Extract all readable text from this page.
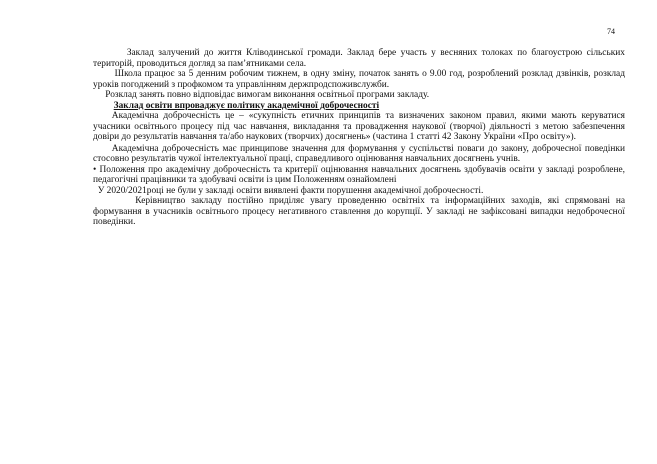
74

Заклад залучений до життя Кліводинської громади. Заклад бере участь у весняних толоках по благоустрою сільських територій, проводиться догляд за пам’ятниками села.

Школа працює за 5 денним робочим тижнем, в одну зміну, початок занять о 9.00 год, розроблений розклад дзвінків, розклад уроків погоджений з профкомом та управлінням держпродспоживслужби.

Розклад занять повно відповідає вимогам виконання освітньої програми закладу.

Заклад освіти впроваджує політику академічної доброчесності

Академічна доброчесність це – «сукупність етичних принципів та визначених законом правил, якими мають керуватися учасники освітнього процесу під час навчання, викладання та провадження наукової (творчої) діяльності з метою забезпечення довіри до результатів навчання та/або наукових (творчих) досягнень» (частина 1 статті 42 Закону України «Про освіту»).

Академічна доброчесність має принципове значення для формування у суспільстві поваги до закону, доброчесної поведінки стосовно результатів чужої інтелектуальної праці, справедливого оцінювання навчальних досягнень учнів.

• Положення про академічну доброчесність та критерії оцінювання навчальних досягнень здобувачів освіти у закладі розроблене, педагогічні працівники та здобувачі освіти із цим Положенням ознайомлені

У 2020/2021році не були у закладі освіти виявлені факти порушення академічної доброчесності.

Керівництво закладу постійно приділяє увагу проведенню освітніх та інформаційних заходів, які спрямовані на формування в учасників освітнього процесу негативного ставлення до корупції. У закладі не зафіксовані випадки недоброчесної поведінки.
